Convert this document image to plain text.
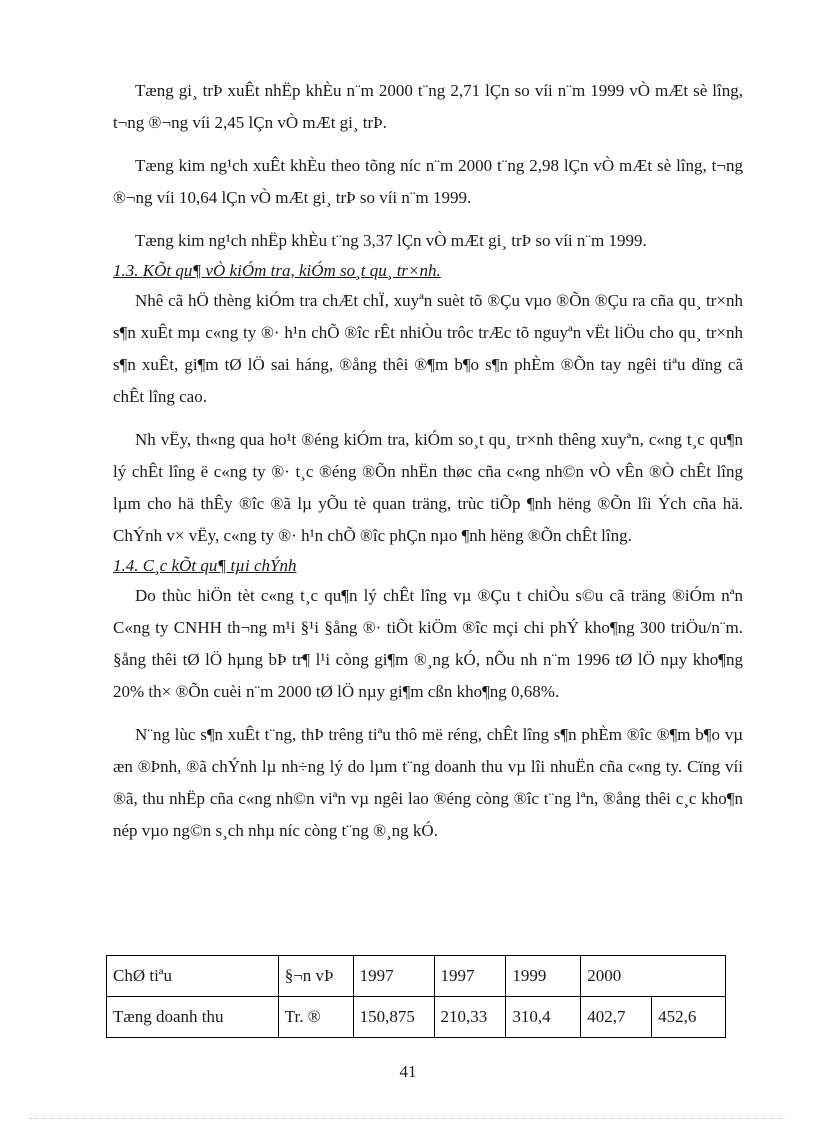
Tæng gi¸ trÞ xuÊt nhËp khÈu n¨m 2000 t¨ng 2,71 lÇn so víi n¨m 1999 vÒ mÆt sè lîng, t¬ng ®¬ng víi 2,45 lÇn vÒ mÆt gi¸ trÞ.

Tæng kim ng¹ch xuÊt khÈu theo tõng níc n¨m 2000 t¨ng 2,98 lÇn vÒ mÆt sè lîng, t¬ng ®¬ng víi 10,64 lÇn vÒ mÆt gi¸ trÞ so víi n¨m 1999.

Tæng kim ng¹ch nhËp khÈu t¨ng 3,37 lÇn vÒ mÆt gi¸ trÞ so víi n¨m 1999.

1.3. KÕt qu¶ vÒ kiÓm tra, kiÓm so¸t qu¸ tr×nh.

Nhê cã hÖ thèng kiÓm tra chÆt chÏ, xuyªn suèt tõ ®Çu vµo ®Õn ®Çu ra cña qu¸ tr×nh s¶n xuÊt mµ c«ng ty ®· h¹n chÕ ®îc rÊt nhiÒu trôc trÆc tõ nguyªn vËt liÖu cho qu¸ tr×nh s¶n xuÊt, gi¶m tØ lÖ sai háng, ®ång thêi ®¶m b¶o s¶n phÈm ®Õn tay ngêi tiªu dïng cã chÊt lîng cao.

Nh vËy, th«ng qua ho¹t ®éng kiÓm tra, kiÓm so¸t qu¸ tr×nh thêng xuyªn, c«ng t¸c qu¶n lý chÊt lîng ë c«ng ty ®· t¸c ®éng ®Õn nhËn thøc cña c«ng nh©n vÒ vÊn ®Ò chÊt lîng lµm cho hä thÊy ®îc ®ã lµ yÕu tè quan träng, trùc tiÕp ¶nh hëng ®Õn lîi Ých cña hä. ChÝnh v× vËy, c«ng ty ®· h¹n chÕ ®îc phÇn nµo ¶nh hëng ®Õn chÊt lîng.

1.4. C¸c kÕt qu¶ tµi chÝnh

Do thùc hiÖn tèt c«ng t¸c qu¶n lý chÊt lîng vµ ®Çu t chiÒu s©u cã träng ®iÓm nªn C«ng ty CNHH th¬ng m¹i §¹i §ång ®· tiÕt kiÖm ®îc mçi chi phÝ kho¶ng 300 triÖu/n¨m. §ång thêi tØ lÖ hµng bÞ tr¶ l¹i còng gi¶m ®¸ng kÓ, nÕu nh n¨m 1996 tØ lÖ nµy kho¶ng 20% th× ®Õn cuèi n¨m 2000 tØ lÖ nµy gi¶m cßn kho¶ng 0,68%.

N¨ng lùc s¶n xuÊt t¨ng, thÞ trêng tiªu thô më réng, chÊt lîng s¶n phÈm ®îc ®¶m b¶o vµ æn ®Þnh, ®ã chÝnh lµ nh÷ng lý do lµm t¨ng doanh thu vµ lîi nhuËn cña c«ng ty. Cïng víi ®ã, thu nhËp cña c«ng nh©n viªn vµ ngêi lao ®éng còng ®îc t¨ng lªn, ®ång thêi c¸c kho¶n nép vµo ng©n s¸ch nhµ níc còng t¨ng ®¸ng kÓ.

ChØ tiªu	§¬n vÞ	1997	1997	1999	2000	
Tæng doanh thu	Tr. ®	150,875	210,33	310,4	402,7	452,6
41
